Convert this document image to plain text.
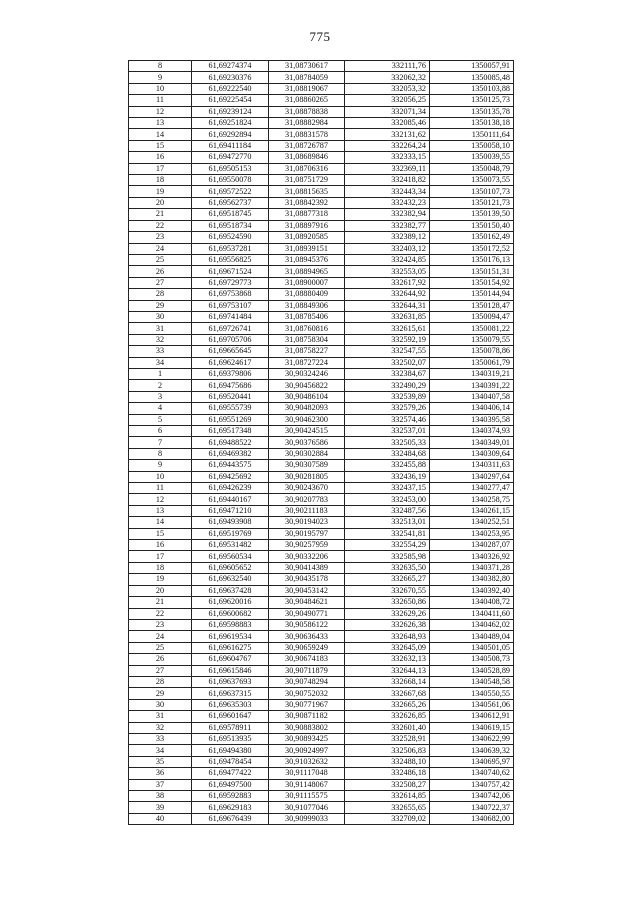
775
8	61,69274374	31,08730617	332111,76	1350057,91
9	61,69230376	31,08784059	332062,32	1350085,48
10	61,69222540	31,08819067	332053,32	1350103,88
11	61,69225454	31,08860265	332056,25	1350125,73
12	61,69239124	31,08878838	332071,34	1350135,78
13	61,69251824	31,08882984	332085,46	1350138,18
14	61,69292894	31,08831578	332131,62	1350111,64
15	61,69411184	31,08726787	332264,24	1350058,10
16	61,69472770	31,08689846	332333,15	1350039,55
17	61,69505153	31,08706316	332369,11	1350048,79
18	61,69550078	31,08751729	332418,82	1350073,55
19	61,69572522	31,08815635	332443,34	1350107,73
20	61,69562737	31,08842392	332432,23	1350121,73
21	61,69518745	31,08877318	332382,94	1350139,50
22	61,69518734	31,08897916	332382,77	1350150,40
23	61,69524590	31,08920585	332389,12	1350162,49
24	61,69537281	31,08939151	332403,12	1350172,52
25	61,69556825	31,08945376	332424,85	1350176,13
26	61,69671524	31,08894965	332553,05	1350151,31
27	61,69729773	31,08900007	332617,92	1350154,92
28	61,69753868	31,08880409	332644,92	1350144,94
29	61,69753107	31,08849306	332644,31	1350128,47
30	61,69741484	31,08785406	332631,85	1350094,47
31	61,69726741	31,08760816	332615,61	1350081,22
32	61,69705706	31,08758304	332592,19	1350079,55
33	61,69665645	31,08758227	332547,55	1350078,86
34	61,69624617	31,08727224	332502,07	1350061,79
1	61,69379806	30,90324246	332384,67	1340319,21
2	61,69475686	30,90456822	332490,29	1340391,22
3	61,69520441	30,90486104	332539,89	1340407,58
4	61,69555739	30,90482093	332579,26	1340406,14
5	61,69551269	30,90462300	332574,46	1340395,58
6	61,69517348	30,90424515	332537,01	1340374,93
7	61,69488522	30,90376586	332505,33	1340349,01
8	61,69469382	30,90302884	332484,68	1340309,64
9	61,69443575	30,90307589	332455,88	1340311,63
10	61,69425692	30,90281805	332436,19	1340297,64
11	61,69426239	30,90243670	332437,15	1340277,47
12	61,69440167	30,90207783	332453,00	1340258,75
13	61,69471210	30,90211183	332487,56	1340261,15
14	61,69493908	30,90194023	332513,01	1340252,51
15	61,69519769	30,90195797	332541,81	1340253,95
16	61,69531482	30,90257959	332554,29	1340287,07
17	61,69560534	30,90332206	332585,98	1340326,92
18	61,69605652	30,90414389	332635,50	1340371,28
19	61,69632540	30,90435178	332665,27	1340382,80
20	61,69637428	30,90453142	332670,55	1340392,40
21	61,69620016	30,90484621	332650,86	1340408,72
22	61,69600682	30,90490771	332629,26	1340411,60
23	61,69598883	30,90586122	332626,38	1340462,02
24	61,69619534	30,90636433	332648,93	1340489,04
25	61,69616275	30,90659249	332645,09	1340501,05
26	61,69604767	30,90674183	332632,13	1340508,73
27	61,69615846	30,90711879	332644,13	1340528,89
28	61,69637693	30,90748294	332668,14	1340548,58
29	61,69637315	30,90752032	332667,68	1340550,55
30	61,69635303	30,90771967	332665,26	1340561,06
31	61,69601647	30,90871182	332626,85	1340612,91
32	61,69578911	30,90883802	332601,40	1340619,15
33	61,69513935	30,90893425	332528,91	1340622,99
34	61,69494380	30,90924997	332506,83	1340639,32
35	61,69478454	30,91032632	332488,10	1340695,97
36	61,69477422	30,91117048	332486,18	1340740,62
37	61,69497500	30,91148067	332508,27	1340757,42
38	61,69592883	30,91115575	332614,85	1340742,06
39	61,69629183	30,91077046	332655,65	1340722,37
40	61,69676439	30,90999033	332709,02	1340682,00
